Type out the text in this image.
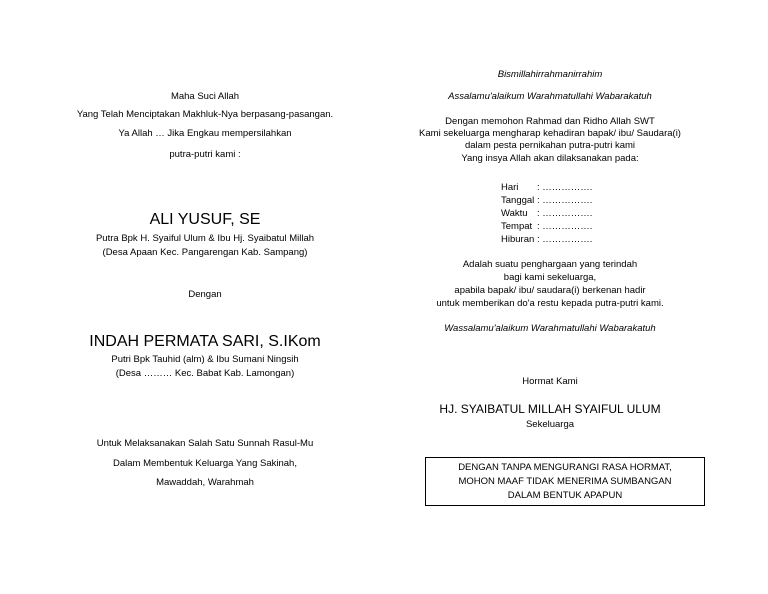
Maha Suci Allah
Yang Telah Menciptakan Makhluk-Nya berpasang-pasangan.
Ya Allah … Jika Engkau mempersilahkan
putra-putri kami :
ALI YUSUF, SE
Putra Bpk H. Syaiful Ulum & Ibu Hj. Syaibatul Millah
(Desa Apaan Kec. Pangarengan Kab. Sampang)
Dengan
INDAH PERMATA SARI, S.IKom
Putri Bpk Tauhid (alm) & Ibu Sumani Ningsih
(Desa ……… Kec. Babat Kab. Lamongan)
Untuk Melaksanakan Salah Satu Sunnah Rasul-Mu
Dalam Membentuk Keluarga Yang Sakinah,
Mawaddah, Warahmah
Bismillahirrahmanirrahim
Assalamu'alaikum Warahmatullahi Wabarakatuh
Dengan memohon Rahmad dan Ridho Allah SWT
Kami sekeluarga mengharap kehadiran bapak/ ibu/ Saudara(i)
dalam pesta pernikahan putra-putri kami
Yang insya Allah akan dilaksanakan pada:
Adalah suatu penghargaan yang terindah
bagi kami sekeluarga,
apabila bapak/ ibu/ saudara(i) berkenan hadir
untuk memberikan do'a restu kepada putra-putri kami.
Wassalamu'alaikum Warahmatullahi Wabarakatuh
Hormat Kami
HJ. SYAIBATUL MILLAH SYAIFUL ULUM
Sekeluarga
Hari	: …………….
Tanggal : …………….
Waktu : …………….
Tempat : …………….
Hiburan : …………….
DENGAN TANPA MENGURANGI RASA HORMAT,
MOHON MAAF TIDAK MENERIMA SUMBANGAN
DALAM BENTUK APAPUN
